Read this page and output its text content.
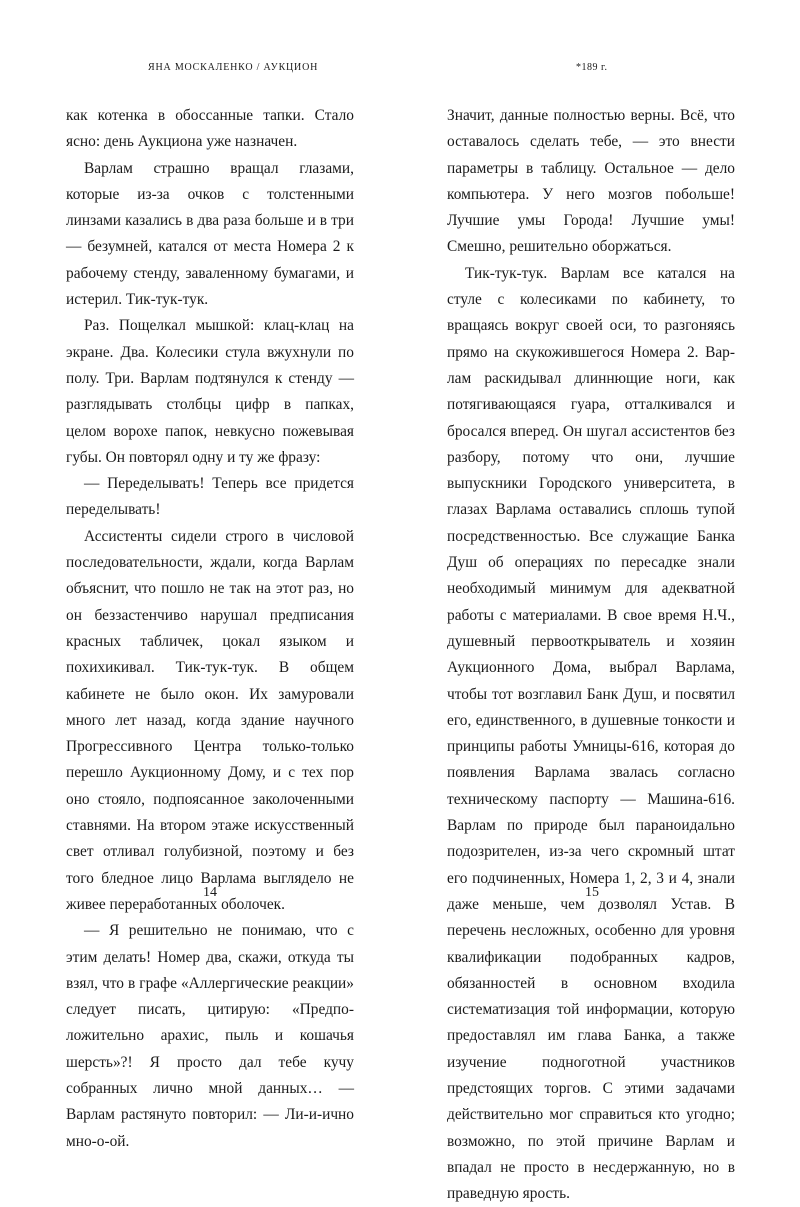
ЯНА МОСКАЛЕНКО / АУКЦИОН

как котенка в обоссанные тапки. Стало ясно: день Аукциона уже назначен.

Варлам страшно вращал глазами, которые из-за очков с толстенными линзами казались в два раза больше и в три — безумней, катался от места Номера 2 к рабочему стенду, заваленному бумагами, и истерил. Тик-тук-тук.

Раз. Пощелкал мышкой: клац-клац на экране. Два. Колесики стула вжухнули по полу. Три. Варлам подтянулся к стенду — разглядывать столбцы цифр в папках, целом ворохе папок, невкусно пожевывая губы. Он повторял одну и ту же фразу:

— Переделывать! Теперь все придется переделывать!

Ассистенты сидели строго в числовой последовательности, ждали, когда Варлам объяснит, что пошло не так на этот раз, но он беззастенчиво нарушал предписания красных табличек, цокал языком и похихикивал. Тик-тук-тук. В общем кабинете не было окон. Их замуровали много лет назад, когда здание научного Прогрессивного Центра только-только перешло Аукционному Дому, и с тех пор оно стояло, подпоясанное заколоченными ставнями. На втором этаже искусственный свет отливал голубизной, поэтому и без того бледное лицо Варлама выглядело не живее переработанных оболочек.

— Я решительно не понимаю, что с этим делать! Номер два, скажи, откуда ты взял, что в графе «Аллергические реакции» следует писать, цитирую: «Предположительно арахис, пыль и кошачья шерсть»?! Я просто дал тебе кучу собранных лично мной данных… — Варлам растянуто повторил: — Ли-и-ично мно-о-ой.

14
*189 г.

Значит, данные полностью верны. Всё, что оставалось сделать тебе, — это внести параметры в таблицу. Остальное — дело компьютера. У него мозгов побольше! Лучшие умы Города! Лучшие умы! Смешно, решительно оборжаться.

Тик-тук-тук. Варлам все катался на стуле с колесиками по кабинету, то вращаясь вокруг своей оси, то разгоняясь прямо на скукожившегося Номера 2. Варлам раскидывал длиннющие ноги, как потягивающаяся гуара, отталкивался и бросался вперед. Он шугал ассистентов без разбору, потому что они, лучшие выпускники Городского университета, в глазах Варлама оставались сплошь тупой посредственностью. Все служащие Банка Душ об операциях по пересадке знали необходимый минимум для адекватной работы с материалами. В свое время Н.Ч., душевный первооткрыватель и хозяин Аукционного Дома, выбрал Варлама, чтобы тот возглавил Банк Душ, и посвятил его, единственного, в душевные тонкости и принципы работы Умницы-616, которая до появления Варлама звалась согласно техническому паспорту — Машина-616. Варлам по природе был параноидально подозрителен, из-за чего скромный штат его подчиненных, Номера 1, 2, 3 и 4, знали даже меньше, чем дозволял Устав. В перечень несложных, особенно для уровня квалификации подобранных кадров, обязанностей в основном входила систематизация той информации, которую предоставлял им глава Банка, а также изучение подноготной участников предстоящих торгов. С этими задачами действительно мог справиться кто угодно; возможно, по этой причине Варлам и впадал не просто в несдержанную, но в праведную ярость.

15
